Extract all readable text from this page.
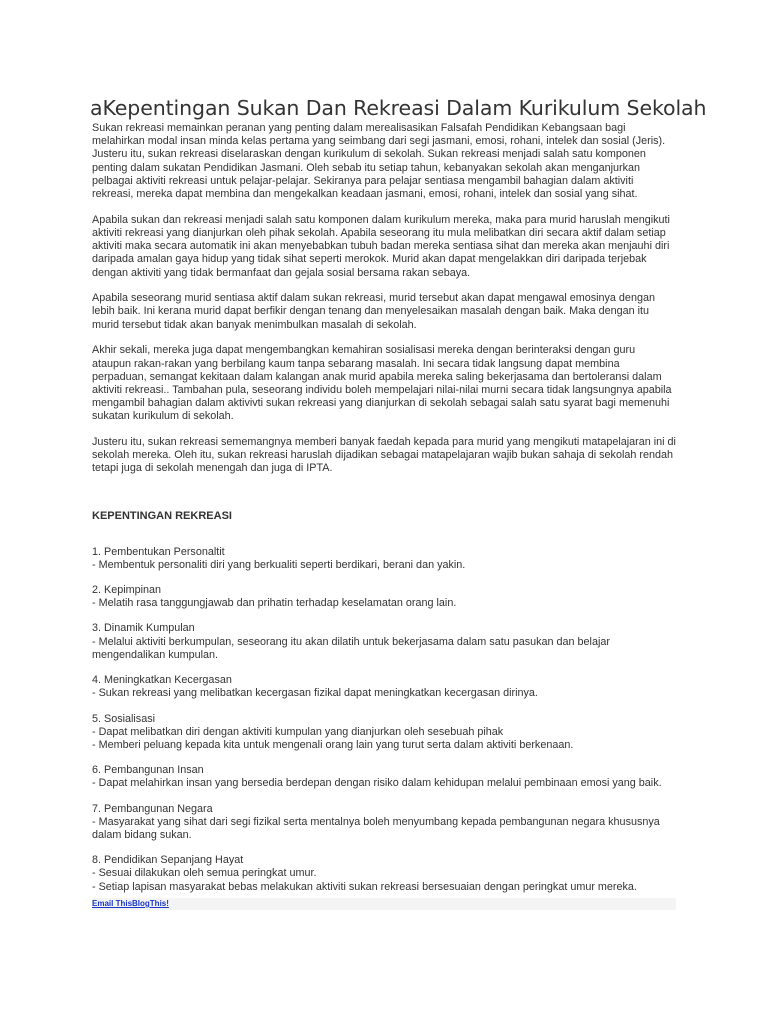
aKepentingan Sukan Dan Rekreasi Dalam Kurikulum Sekolah

Sukan rekreasi memainkan peranan yang penting dalam merealisasikan Falsafah Pendidikan Kebangsaan bagi melahirkan modal insan minda kelas pertama yang seimbang dari segi jasmani, emosi, rohani, intelek dan sosial (Jeris). Justeru itu, sukan rekreasi diselaraskan dengan kurikulum di sekolah. Sukan rekreasi menjadi salah satu komponen penting dalam sukatan Pendidikan Jasmani. Oleh sebab itu setiap tahun, kebanyakan sekolah akan menganjurkan pelbagai aktiviti rekreasi untuk pelajar-pelajar. Sekiranya para pelajar sentiasa mengambil bahagian dalam aktiviti rekreasi, mereka dapat membina dan mengekalkan keadaan jasmani, emosi, rohani, intelek dan sosial yang sihat.

Apabila sukan dan rekreasi menjadi salah satu komponen dalam kurikulum mereka, maka para murid haruslah mengikuti aktiviti rekreasi yang dianjurkan oleh pihak sekolah. Apabila seseorang itu mula melibatkan diri secara aktif dalam setiap aktiviti maka secara automatik ini akan menyebabkan tubuh badan mereka sentiasa sihat dan mereka akan menjauhi diri daripada amalan gaya hidup yang tidak sihat seperti merokok. Murid akan dapat mengelakkan diri daripada terjebak dengan aktiviti yang tidak bermanfaat dan gejala sosial bersama rakan sebaya.

Apabila seseorang murid sentiasa aktif dalam sukan rekreasi, murid tersebut akan dapat mengawal emosinya dengan lebih baik. Ini kerana murid dapat berfikir dengan tenang dan menyelesaikan masalah dengan baik. Maka dengan itu murid tersebut tidak akan banyak menimbulkan masalah di sekolah.

Akhir sekali, mereka juga dapat mengembangkan kemahiran sosialisasi mereka dengan berinteraksi dengan guru ataupun rakan-rakan yang berbilang kaum tanpa sebarang masalah. Ini secara tidak langsung dapat membina perpaduan, semangat kekitaan dalam kalangan anak murid apabila mereka saling bekerjasama dan bertoleransi dalam aktiviti rekreasi.. Tambahan pula, seseorang individu boleh mempelajari nilai-nilai murni secara tidak langsungnya apabila mengambil bahagian dalam aktivivti sukan rekreasi yang dianjurkan di sekolah sebagai salah satu syarat bagi memenuhi sukatan kurikulum di sekolah.

Justeru itu, sukan rekreasi sememangnya memberi banyak faedah kepada para murid yang mengikuti matapelajaran ini di sekolah mereka. Oleh itu, sukan rekreasi haruslah dijadikan sebagai matapelajaran wajib bukan sahaja di sekolah rendah tetapi juga di sekolah menengah dan juga di IPTA.

KEPENTINGAN REKREASI
1. Pembentukan Personaltit
- Membentuk personaliti diri yang berkualiti seperti berdikari, berani dan yakin.
2. Kepimpinan
- Melatih rasa tanggungjawab dan prihatin terhadap keselamatan orang lain.
3. Dinamik Kumpulan
- Melalui aktiviti berkumpulan, seseorang itu akan dilatih untuk bekerjasama dalam satu pasukan dan belajar mengendalikan kumpulan.
4. Meningkatkan Kecergasan
- Sukan rekreasi yang melibatkan kecergasan fizikal dapat meningkatkan kecergasan dirinya.
5. Sosialisasi
- Dapat melibatkan diri dengan aktiviti kumpulan yang dianjurkan oleh sesebuah pihak
- Memberi peluang kepada kita untuk mengenali orang lain yang turut serta dalam aktiviti berkenaan.
6. Pembangunan Insan
- Dapat melahirkan insan yang bersedia berdepan dengan risiko dalam kehidupan melalui pembinaan emosi yang baik.
7. Pembangunan Negara
- Masyarakat yang sihat dari segi fizikal serta mentalnya boleh menyumbang kepada pembangunan negara khususnya dalam bidang sukan.
8. Pendidikan Sepanjang Hayat
- Sesuai dilakukan oleh semua peringkat umur.
- Setiap lapisan masyarakat bebas melakukan aktiviti sukan rekreasi bersesuaian dengan peringkat umur mereka.
Email ThisBlogThis!
